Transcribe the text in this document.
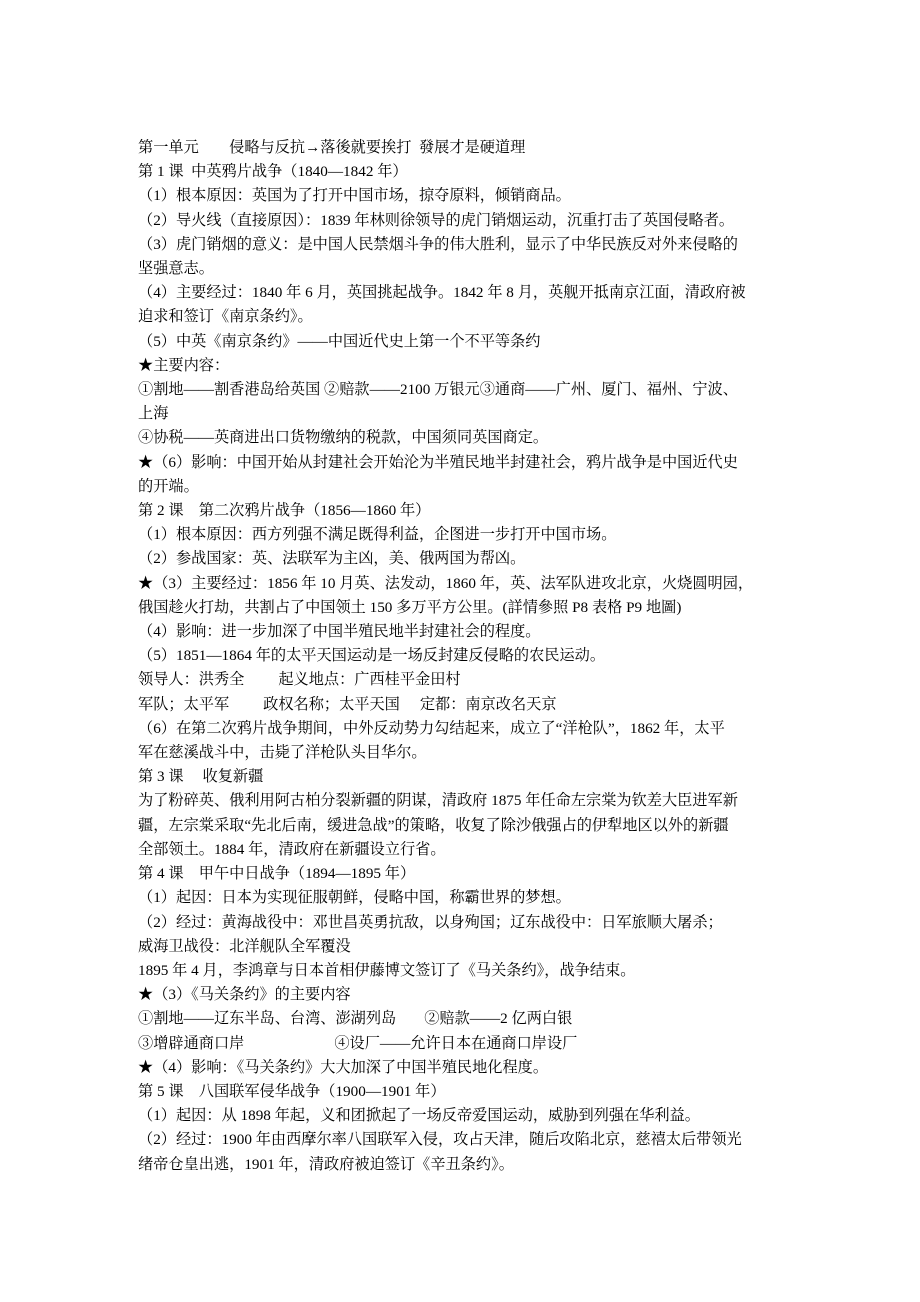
第一单元　　侵略与反抗→落後就要挨打  發展才是硬道理
第 1 课  中英鸦片战争（1840—1842 年）
（1）根本原因：英国为了打开中国市场，掠夺原料，倾销商品。
（2）导火线（直接原因）：1839 年林则徐领导的虎门销烟运动，沉重打击了英国侵略者。
（3）虎门销烟的意义：是中国人民禁烟斗争的伟大胜利，显示了中华民族反对外来侵略的
坚强意志。
（4）主要经过：1840 年 6 月，英国挑起战争。1842 年 8 月，英舰开抵南京江面，清政府被
迫求和签订《南京条约》。
（5）中英《南京条约》——中国近代史上第一个不平等条约
★主要内容：
①割地——割香港岛给英国 ②赔款——2100 万银元③通商——广州、厦门、福州、宁波、
上海
④协税——英商进出口货物缴纳的税款，中国须同英国商定。
★（6）影响：中国开始从封建社会开始沦为半殖民地半封建社会，鸦片战争是中国近代史
的开端。
第 2 课　第二次鸦片战争（1856—1860 年）
（1）根本原因：西方列强不满足既得利益，企图进一步打开中国市场。
（2）参战国家：英、法联军为主凶，美、俄两国为帮凶。
★（3）主要经过：1856 年 10 月英、法发动，1860 年，英、法军队进攻北京，火烧圆明园，
俄国趁火打劫，共割占了中国领土 150 多万平方公里。(詳情參照 P8 表格 P9 地圖)
（4）影响：进一步加深了中国半殖民地半封建社会的程度。
（5）1851—1864 年的太平天国运动是一场反封建反侵略的农民运动。
领导人：洪秀全 起义地点：广西桂平金田村
军队；太平军 政权名称；太平天国 定都：南京改名天京
（6）在第二次鸦片战争期间，中外反动势力勾结起来，成立了“洋枪队”，1862 年，太平
军在慈溪战斗中，击毙了洋枪队头目华尔。
第 3 课　 收复新疆
为了粉碎英、俄利用阿古柏分裂新疆的阴谋，清政府 1875 年任命左宗棠为钦差大臣进军新
疆，左宗棠采取“先北后南，缓进急战”的策略，收复了除沙俄强占的伊犁地区以外的新疆
全部领土。1884 年，清政府在新疆设立行省。
第 4 课　甲午中日战争（1894—1895 年）
（1）起因：日本为实现征服朝鲜，侵略中国，称霸世界的梦想。
（2）经过：黄海战役中：邓世昌英勇抗敌，以身殉国；辽东战役中：日军旅顺大屠杀；
威海卫战役：北洋舰队全军覆没
1895 年 4 月，李鸿章与日本首相伊藤博文签订了《马关条约》，战争结束。
★（3）《马关条约》的主要内容
①割地——辽东半岛、台湾、澎湖列岛 ②赔款——2 亿两白银
③增辟通商口岸	④设厂——允许日本在通商口岸设厂
★（4）影响：《马关条约》大大加深了中国半殖民地化程度。
第 5 课　八国联军侵华战争（1900—1901 年）
（1）起因：从 1898 年起，义和团掀起了一场反帝爱国运动，威胁到列强在华利益。
（2）经过：1900 年由西摩尔率八国联军入侵，攻占天津，随后攻陷北京，慈禧太后带领光
绪帝仓皇出逃，1901 年，清政府被迫签订《辛丑条约》。
